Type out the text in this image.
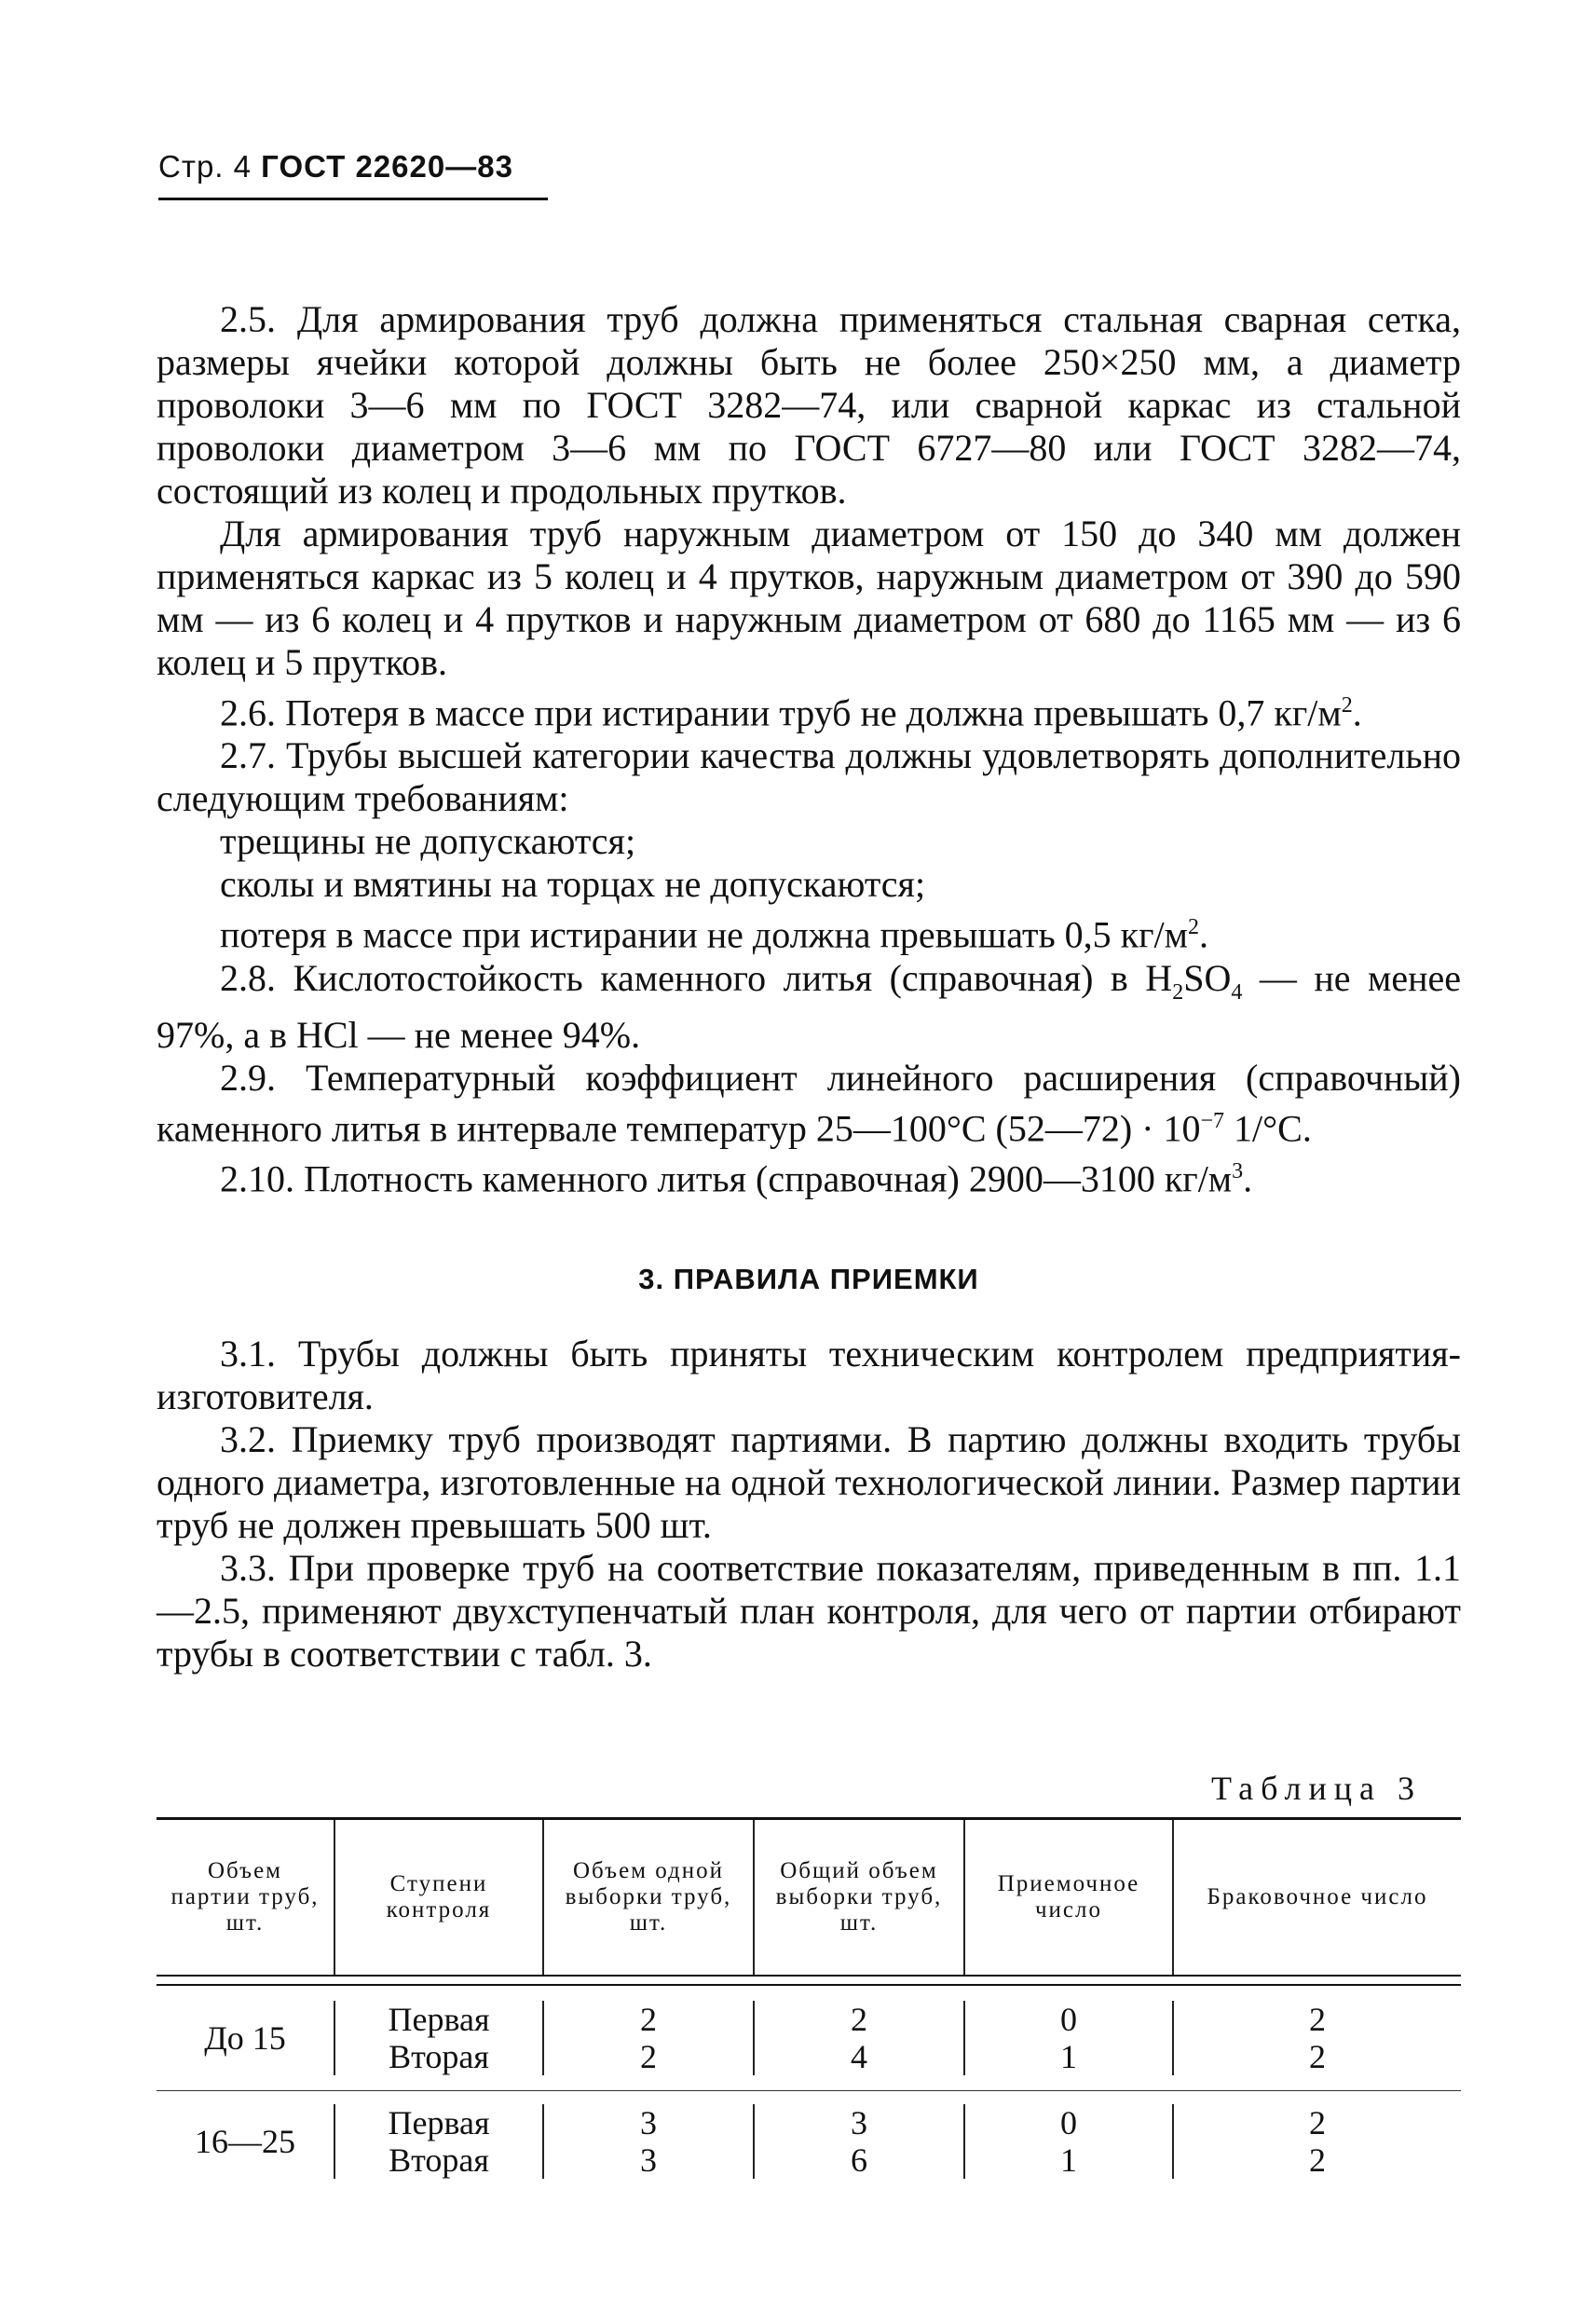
Стр. 4 ГОСТ 22620—83

2.5. Для армирования труб должна применяться стальная сварная сетка, размеры ячейки которой должны быть не более 250×250 мм, а диаметр проволоки 3—6 мм по ГОСТ 3282—74, или сварной каркас из стальной проволоки диаметром 3—6 мм по ГОСТ 6727—80 или ГОСТ 3282—74, состоящий из колец и продольных прутков.

Для армирования труб наружным диаметром от 150 до 340 мм должен применяться каркас из 5 колец и 4 прутков, наружным диаметром от 390 до 590 мм — из 6 колец и 4 прутков и наружным диаметром от 680 до 1165 мм — из 6 колец и 5 прутков.

2.6. Потеря в массе при истирании труб не должна превышать 0,7 $кг/м^2$.

2.7. Трубы высшей категории качества должны удовлетворять дополнительно следующим требованиям:

трещины не допускаются;

сколы и вмятины на торцах не допускаются;

потеря в массе при истирании не должна превышать 0,5 $кг/м^2$.

2.8. Кислотостойкость каменного литья (справочная) в $H_2SO_4$ — не менее 97%, а в HCl — не менее 94%.

2.9. Температурный коэффициент линейного расширения (справочный) каменного литья в интервале температур 25—100°С (52—72) · $10^{-7}$ 1/°С.

2.10. Плотность каменного литья (справочная) 2900—3100 $кг/м^3$.

3. ПРАВИЛА ПРИЕМКИ

3.1. Трубы должны быть приняты техническим контролем предприятия-изготовителя.

3.2. Приемку труб производят партиями. В партию должны входить трубы одного диаметра, изготовленные на одной технологической линии. Размер партии труб не должен превышать 500 шт.

3.3. При проверке труб на соответствие показателям, приведенным в пп. 1.1—2.5, применяют двухступенчатый план контроля, для чего от партии отбирают трубы в соответствии с табл. 3.

Таблица 3
Объем партии труб, шт.
Ступени контроля
Объем одной выборки труб, шт.
Общий объем выборки труб, шт.
Приемочное число
Браковочное число
До 15	Первая
Вторая
2
2
2
4
0
1
2
2
16—25	Первая
Вторая
3
3
3
6
0
1
2
2
